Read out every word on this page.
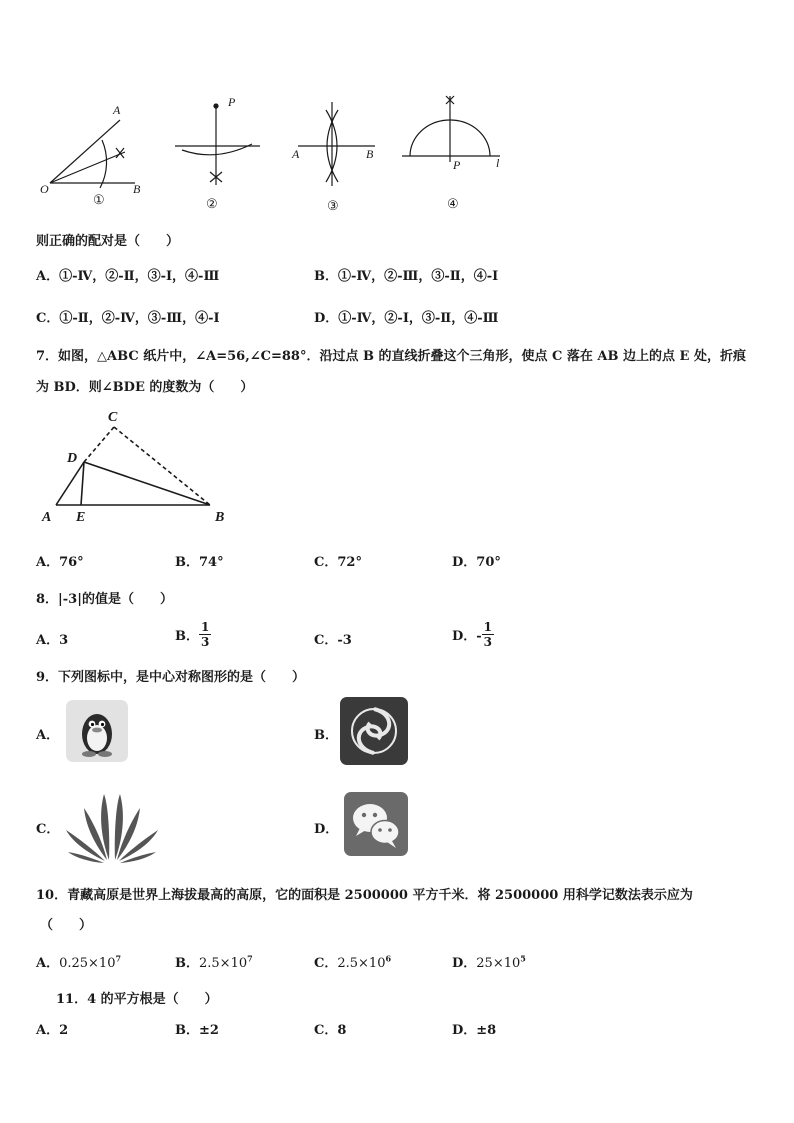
A
O	B
①
P
②
A	B
③
P	l
④
则正确的配对是（　　）
A．①-Ⅳ，②-Ⅱ，③-Ⅰ，④-Ⅲ	B．①-Ⅳ，②-Ⅲ，③-Ⅱ，④-Ⅰ
C．①-Ⅱ，②-Ⅳ，③-Ⅲ，④-Ⅰ	D．①-Ⅳ，②-Ⅰ，③-Ⅱ，④-Ⅲ
7．如图，△ABC 纸片中，∠A=56,∠C=88°．沿过点 B 的直线折叠这个三角形，使点 C 落在 AB 边上的点 E 处，折痕
为 BD．则∠BDE 的度数为（　　）
C
D
A E	B
A．76°	B．74°	C．72°	D．70°
8．|-3|的值是（　　）
A．3	B． $\frac{1}{3}$	C．-3	D．- $\frac{1}{3}$
9．下列图标中，是中心对称图形的是（　　）
A．	B．
C．	D．
10．青藏高原是世界上海拔最高的高原，它的面积是 2500000 平方千米．将 2500000 用科学记数法表示应为
（　　）
A．$0.25\times 10^7$	B．$2.5\times 10^7$	C．$2.5\times 10^6$	D．$25\times 10^5$
11．4 的平方根是（　　）
A．2	B．±2	C．8	D．±8
